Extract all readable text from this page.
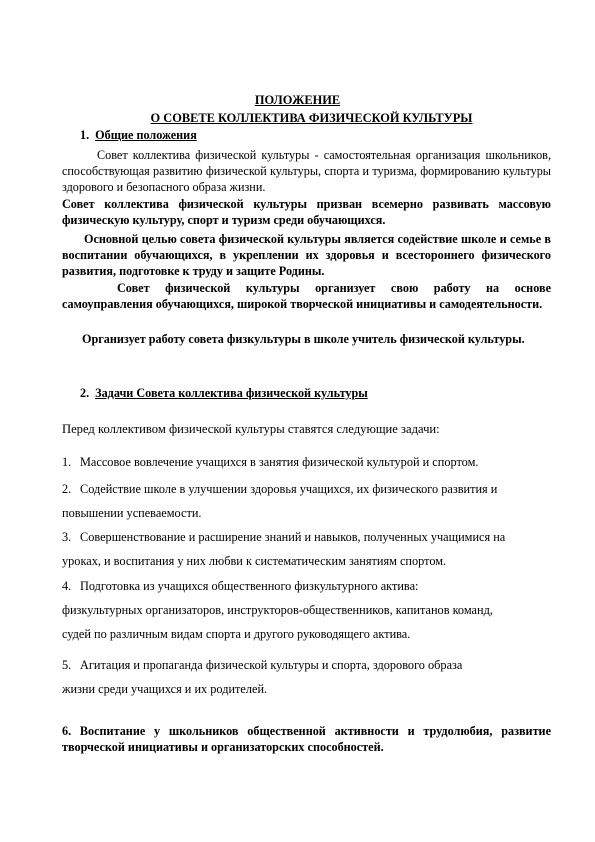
ПОЛОЖЕНИЕ
О СОВЕТЕ КОЛЛЕКТИВА ФИЗИЧЕСКОЙ КУЛЬТУРЫ
1. Общие положения

Совет коллектива физической культуры - самостоятельная организация школьников, способствующая развитию физической культуры, спорта и туризма, формированию культуры здорового и безопасного образа жизни.

Совет коллектива физической культуры призван всемерно развивать массовую физическую культуру, спорт и туризм среди обучающихся.

Основной целью совета физической культуры является содействие школе и семье в воспитании обучающихся, в укреплении их здоровья и всестороннего физического развития, подготовке к труду и защите Родины.

Совет физической культуры организует свою работу на основе самоуправления обучающихся, широкой творческой инициативы и самодеятельности.

Организует работу совета физкультуры в школе учитель физической культуры.

2. Задачи Совета коллектива физической культуры
Перед коллективом физической культуры ставятся следующие задачи:
1. Массовое вовлечение учащихся в занятия физической культурой и спортом.
2. Содействие школе в улучшении здоровья учащихся, их физического развития и
повышении успеваемости.
3. Совершенствование и расширение знаний и навыков, полученных учащимися на
уроках, и воспитания у них любви к систематическим занятиям спортом.
4. Подготовка из учащихся общественного физкультурного актива:
физкультурных организаторов, инструкторов-общественников, капитанов команд,
судей по различным видам спорта и другого руководящего актива.
5. Агитация и пропаганда физической культуры и спорта, здорового образа
жизни среди учащихся и их родителей.

6. Воспитание у школьников общественной активности и трудолюбия, развитие творческой инициативы и организаторских способностей.
